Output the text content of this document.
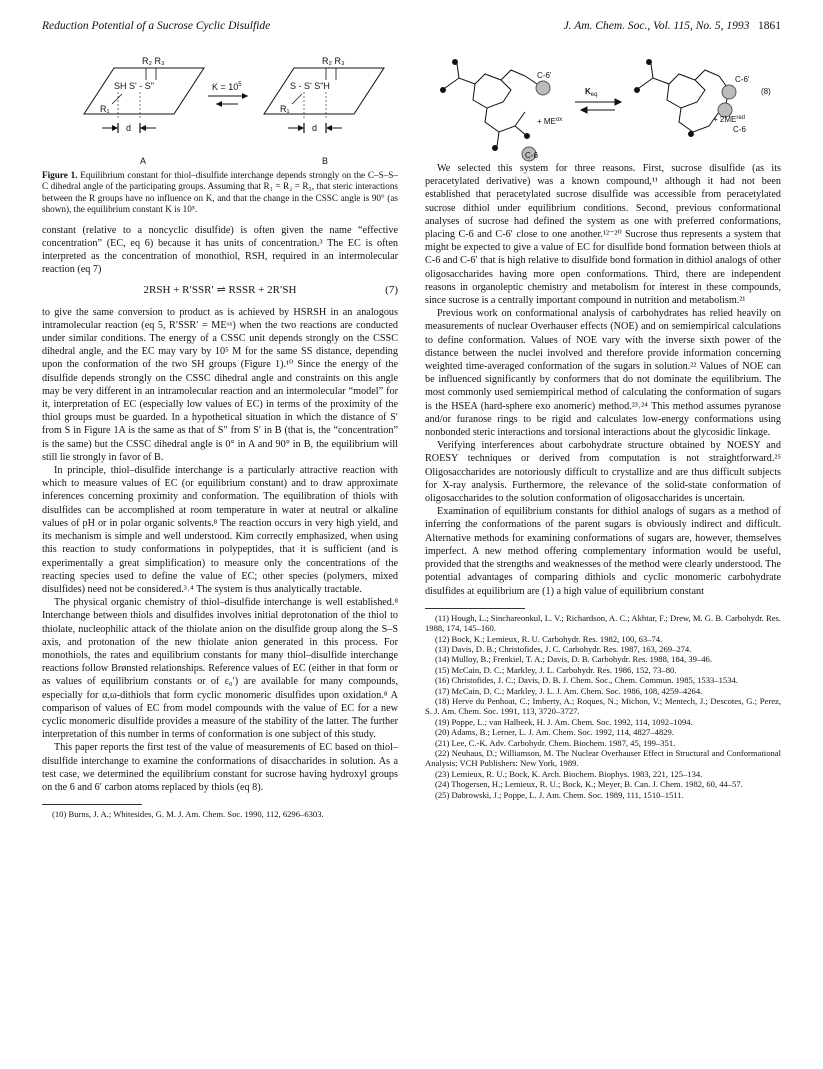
Reduction Potential of a Sucrose Cyclic Disulfide	J. Am. Chem. Soc., Vol. 115, No. 5, 1993 1861
R₂ R₃
SH S' - S"
R₁
d
A
$K = 10^5$
R₂ R₃
S - S' S"H
R₁
d
B
Figure 1. Equilibrium constant for thiol–disulfide interchange depends strongly on the C–S–S–C dihedral angle of the participating groups. Assuming that R₁ = R₂ = R₃, that steric interactions between the R groups have no influence on K, and that the change in the CSSC angle is 90° (as shown), the equilibrium constant K is 10⁵.

constant (relative to a noncyclic disulfide) is often given the name “effective concentration” (EC, eq 6) because it has units of concentration.³ The EC is often interpreted as the concentration of monothiol, RSH, required in an intermolecular reaction (eq 7)

2RSH + R′SSR′ ⇌ RSSR + 2R′SH	(7)

to give the same conversion to product as is achieved by HSRSH in an analogous intramolecular reaction (eq 5, R′SSR′ = MEᵒˣ) when the two reactions are conducted under similar conditions. The energy of a CSSC unit depends strongly on the CSSC dihedral angle, and the EC may vary by 10⁵ M for the same SS distance, depending upon the conformation of the two SH groups (Figure 1).¹⁰ Since the energy of the disulfide depends strongly on the CSSC dihedral angle and constraints on this angle may be very different in an intramolecular reaction and an intermolecular “model” for it, interpretation of EC (especially low values of EC) in terms of the proximity of the thiol groups must be guarded. In a hypothetical situation in which the distance of S′ from S in Figure 1A is the same as that of S″ from S′ in B (that is, the “concentration” is the same) but the CSSC dihedral angle is 0° in A and 90° in B, the equilibrium will still lie strongly in favor of B.

In principle, thiol–disulfide interchange is a particularly attractive reaction with which to measure values of EC (or equilibrium constant) and to draw approximate inferences concerning proximity and conformation. The equilibration of thiols with disulfides can be accomplished at room temperature in water at neutral or alkaline values of pH or in polar organic solvents.⁸ The reaction occurs in very high yield, and its mechanism is simple and well understood. Kim correctly emphasized, when using this reaction to study conformations in polypeptides, that it is sufficient (and is experimentally a great simplification) to measure only the concentrations of the reacting species used to define the value of EC; other species (polymers, mixed disulfides) need not be considered.³˒⁴ The system is thus analytically tractable.

The physical organic chemistry of thiol–disulfide interchange is well established.⁸ Interchange between thiols and disulfides involves initial deprotonation of the thiol to thiolate, nucleophilic attack of the thiolate anion on the disulfide group along the S–S axis, and protonation of the new thiolate anion generated in this process. For monothiols, the rates and equilibrium constants for many thiol–disulfide interchange reactions follow Brønsted relationships. Reference values of EC (either in that form or as values of equilibrium constants or of ε₀′) are available for many compounds, especially for α,ω-dithiols that form cyclic monomeric disulfides upon oxidation.⁸ A comparison of values of EC from model compounds with the value of EC for a new cyclic monomeric disulfide provides a measure of the stability of the latter. The further interpretation of this number in terms of conformation is one subject of this study.

This paper reports the first test of the value of measurements of EC based on thiol–disulfide interchange to examine the conformations of disaccharides in solution. As a test case, we determined the equilibrium constant for sucrose having hydroxyl groups on the 6 and 6′ carbon atoms replaced by thiols (eq 8).

(10) Burns, J. A.; Whitesides, G. M. J. Am. Chem. Soc. 1990, 112, 6296–6303.
C-6'
C-6
$K_{eq}$
+ $ME^{ox}$
C-6'
C-6
+ $2ME^{red}$
(8)

We selected this system for three reasons. First, sucrose disulfide (as its peracetylated derivative) was a known compound,¹¹ although it had not been established that peracetylated sucrose disulfide was accessible from peracetylated sucrose dithiol under equilibrium conditions. Second, previous conformational analyses of sucrose had defined the system as one with preferred conformations, placing C-6 and C-6′ close to one another.¹²⁻²⁰ Sucrose thus represents a system that might be expected to give a value of EC for disulfide bond formation between thiols at C-6 and C-6′ that is high relative to disulfide bond formation in dithiol analogs of other oligosaccharides having more open conformations. Third, there are independent reasons in organoleptic chemistry and metabolism for interest in these compounds, since sucrose is a centrally important compound in nutrition and metabolism.²¹

Previous work on conformational analysis of carbohydrates has relied heavily on measurements of nuclear Overhauser effects (NOE) and on semiempirical calculations to define conformation. Values of NOE vary with the inverse sixth power of the distance between the nuclei involved and therefore provide information concerning weighted time-averaged conformation of the sugars in solution.²² Values of NOE can be influenced significantly by conformers that do not dominate the equilibrium. The most commonly used semiempirical method of calculating the conformation of sugars is the HSEA (hard-sphere exo anomeric) method.²³˒²⁴ This method assumes pyranose and/or furanose rings to be rigid and calculates low-energy conformations using nonbonded steric interactions and torsional interactions about the glycosidic linkage.

Verifying interferences about carbohydrate structure obtained by NOESY and ROESY techniques or derived from computation is not straightforward.²⁵ Oligosaccharides are notoriously difficult to crystallize and are thus difficult subjects for X-ray analysis. Furthermore, the relevance of the solid-state conformation of oligosaccharides to the solution conformation of oligosaccharides is uncertain.

Examination of equilibrium constants for dithiol analogs of sugars as a method of inferring the conformations of the parent sugars is obviously indirect and difficult. Alternative methods for examining conformations of sugars are, however, themselves imperfect. A new method offering complementary information would be useful, provided that the strengths and weaknesses of the method were clearly understood. The potential advantages of comparing dithiols and cyclic monomeric carbohydrate disulfides at equilibrium are (1) a high value of equilibrium constant

(11) Hough, L.; Sinchareonkul, L. V.; Richardson, A. C.; Akhtar, F.; Drew, M. G. B. Carbohydr. Res. 1988, 174, 145–160.
(12) Bock, K.; Lemieux, R. U. Carbohydr. Res. 1982, 100, 63–74.
(13) Davis, D. B.; Christofides, J. C. Carbohydr. Res. 1987, 163, 269–274.
(14) Mulloy, B.; Frenkiel, T. A.; Davis, D. B. Carbohydr. Res. 1988, 184, 39–46.
(15) McCain, D. C.; Markley, J. L. Carbohydr. Res. 1986, 152, 73–80.
(16) Christofides, J. C.; Davis, D. B. J. Chem. Soc., Chem. Commun. 1985, 1533–1534.
(17) McCain, D. C.; Markley, J. L. J. Am. Chem. Soc. 1986, 108, 4259–4264.
(18) Herve du Penhoat, C.; Imberty, A.; Roques, N.; Michon, V.; Mentech, J.; Descotes, G.; Perez, S. J. Am. Chem. Soc. 1991, 113, 3720–3727.
(19) Poppe, L.; van Halbeek, H. J. Am. Chem. Soc. 1992, 114, 1092–1094.
(20) Adams, B.; Lerner, L. J. Am. Chem. Soc. 1992, 114, 4827–4829.
(21) Lee, C.-K. Adv. Carbohydr. Chem. Biochem. 1987, 45, 199–351.
(22) Neuhaus, D.; Williamson, M. The Nuclear Overhauser Effect in Structural and Conformational Analysis; VCH Publishers: New York, 1989.
(23) Lemieux, R. U.; Bock, K. Arch. Biochem. Biophys. 1983, 221, 125–134.
(24) Thogersen, H.; Lemieux, R. U.; Bock, K.; Meyer, B. Can. J. Chem. 1982, 60, 44–57.
(25) Dabrowski, J.; Poppe, L. J. Am. Chem. Soc. 1989, 111, 1510–1511.
